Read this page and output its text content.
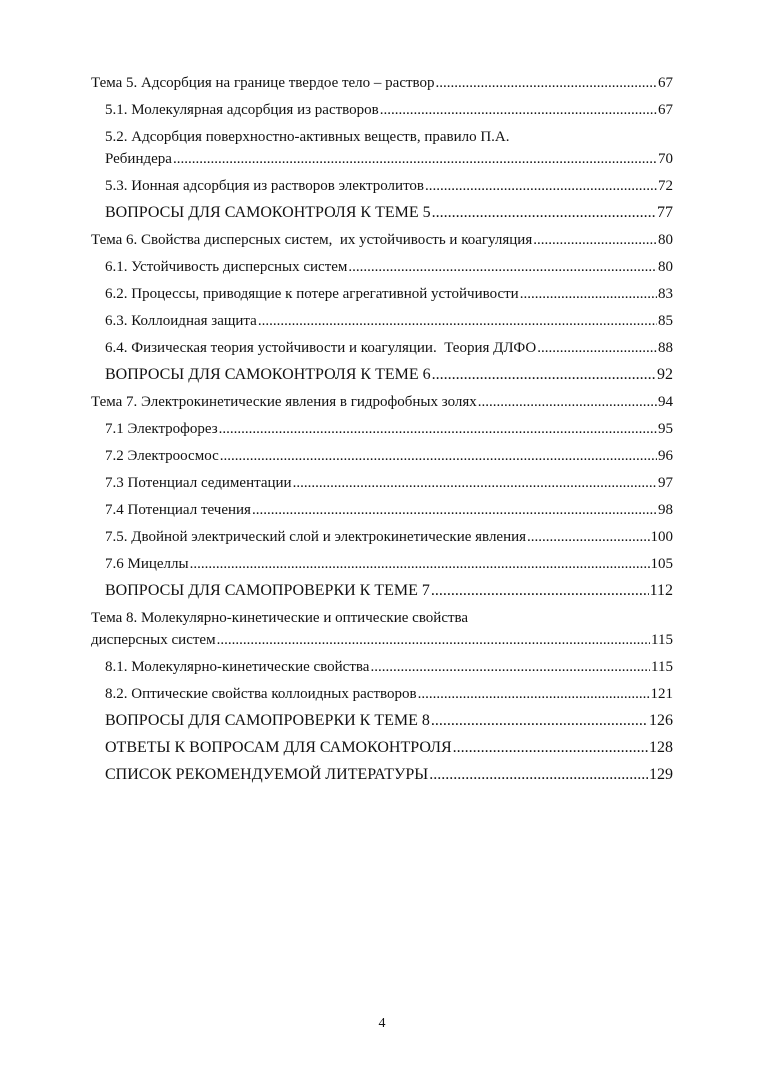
Тема 5. Адсорбция на границе твердое тело – раствор .....	67
5.1. Молекулярная адсорбция из растворов .....	67
5.2. Адсорбция поверхностно-активных веществ, правило П.А.
Ребиндера .....	70
5.3. Ионная адсорбция из растворов электролитов .....	72
ВОПРОСЫ ДЛЯ САМОКОНТРОЛЯ К ТЕМЕ 5 .....	77
Тема 6. Свойства дисперсных систем,  их устойчивость и коагуляция .....	80
6.1. Устойчивость дисперсных систем .....	80
6.2. Процессы, приводящие к потере агрегативной устойчивости .....	83
6.3. Коллоидная защита .....	85
6.4. Физическая теория устойчивости и коагуляции.  Теория ДЛФО .....	88
ВОПРОСЫ ДЛЯ САМОКОНТРОЛЯ К ТЕМЕ 6 .....	92
Тема 7. Электрокинетические явления в гидрофобных золях .....	94
7.1 Электрофорез .....	95
7.2 Электроосмос .....	96
7.3 Потенциал седиментации .....	97
7.4 Потенциал течения .....	98
7.5. Двойной электрический слой и электрокинетические явления .....	100
7.6 Мицеллы .....	105
ВОПРОСЫ ДЛЯ САМОПРОВЕРКИ К ТЕМЕ 7 .....	112
Тема 8. Молекулярно-кинетические и оптические свойства
дисперсных систем .....	115
8.1. Молекулярно-кинетические свойства .....	115
8.2. Оптические свойства коллоидных растворов .....	121
ВОПРОСЫ ДЛЯ САМОПРОВЕРКИ К ТЕМЕ 8 .....	126
ОТВЕТЫ К ВОПРОСАМ ДЛЯ САМОКОНТРОЛЯ .....	128
СПИСОК РЕКОМЕНДУЕМОЙ ЛИТЕРАТУРЫ .....	129
4
